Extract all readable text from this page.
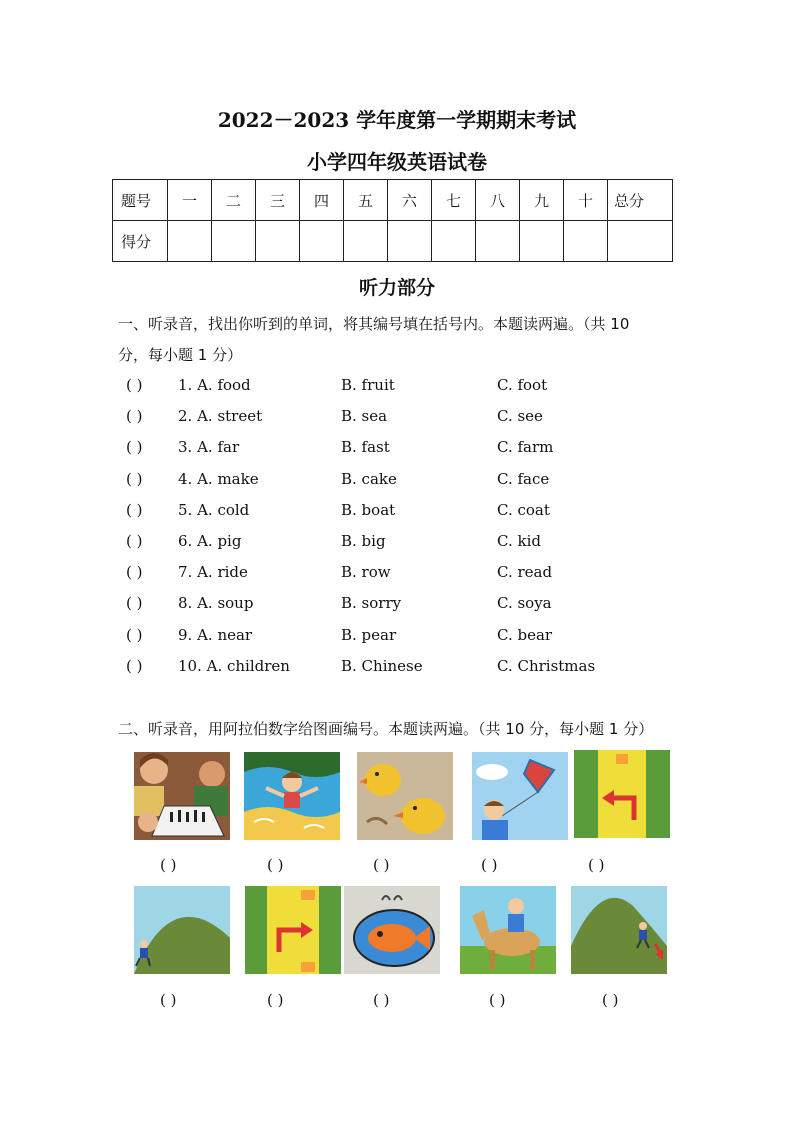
2022－2023 学年度第一学期期末考试
小学四年级英语试卷
题号	一	二	三	四	五	六	七	八	九	十	总分
得分											
听力部分
一、听录音，找出你听到的单词，将其编号填在括号内。本题读两遍。（共 10
分，每小题 1 分）
( ) 1. A. food	B. fruit	C. foot
( ) 2. A. street	B. sea	C. see
( ) 3. A. far	B. fast	C. farm
( ) 4. A. make	B. cake	C. face
( ) 5. A. cold	B. boat	C. coat
( ) 6. A. pig	B. big	C. kid
( ) 7. A. ride	B. row	C. read
( ) 8. A. soup	B. sorry	C. soya
( ) 9. A. near	B. pear	C. bear
( ) 10. A. children	B. Chinese	C. Christmas
二、听录音，用阿拉伯数字给图画编号。本题读两遍。（共 10 分，每小题 1 分）
( )	( )	( )	( )	( )
( )	( )	( )	( )	( )
